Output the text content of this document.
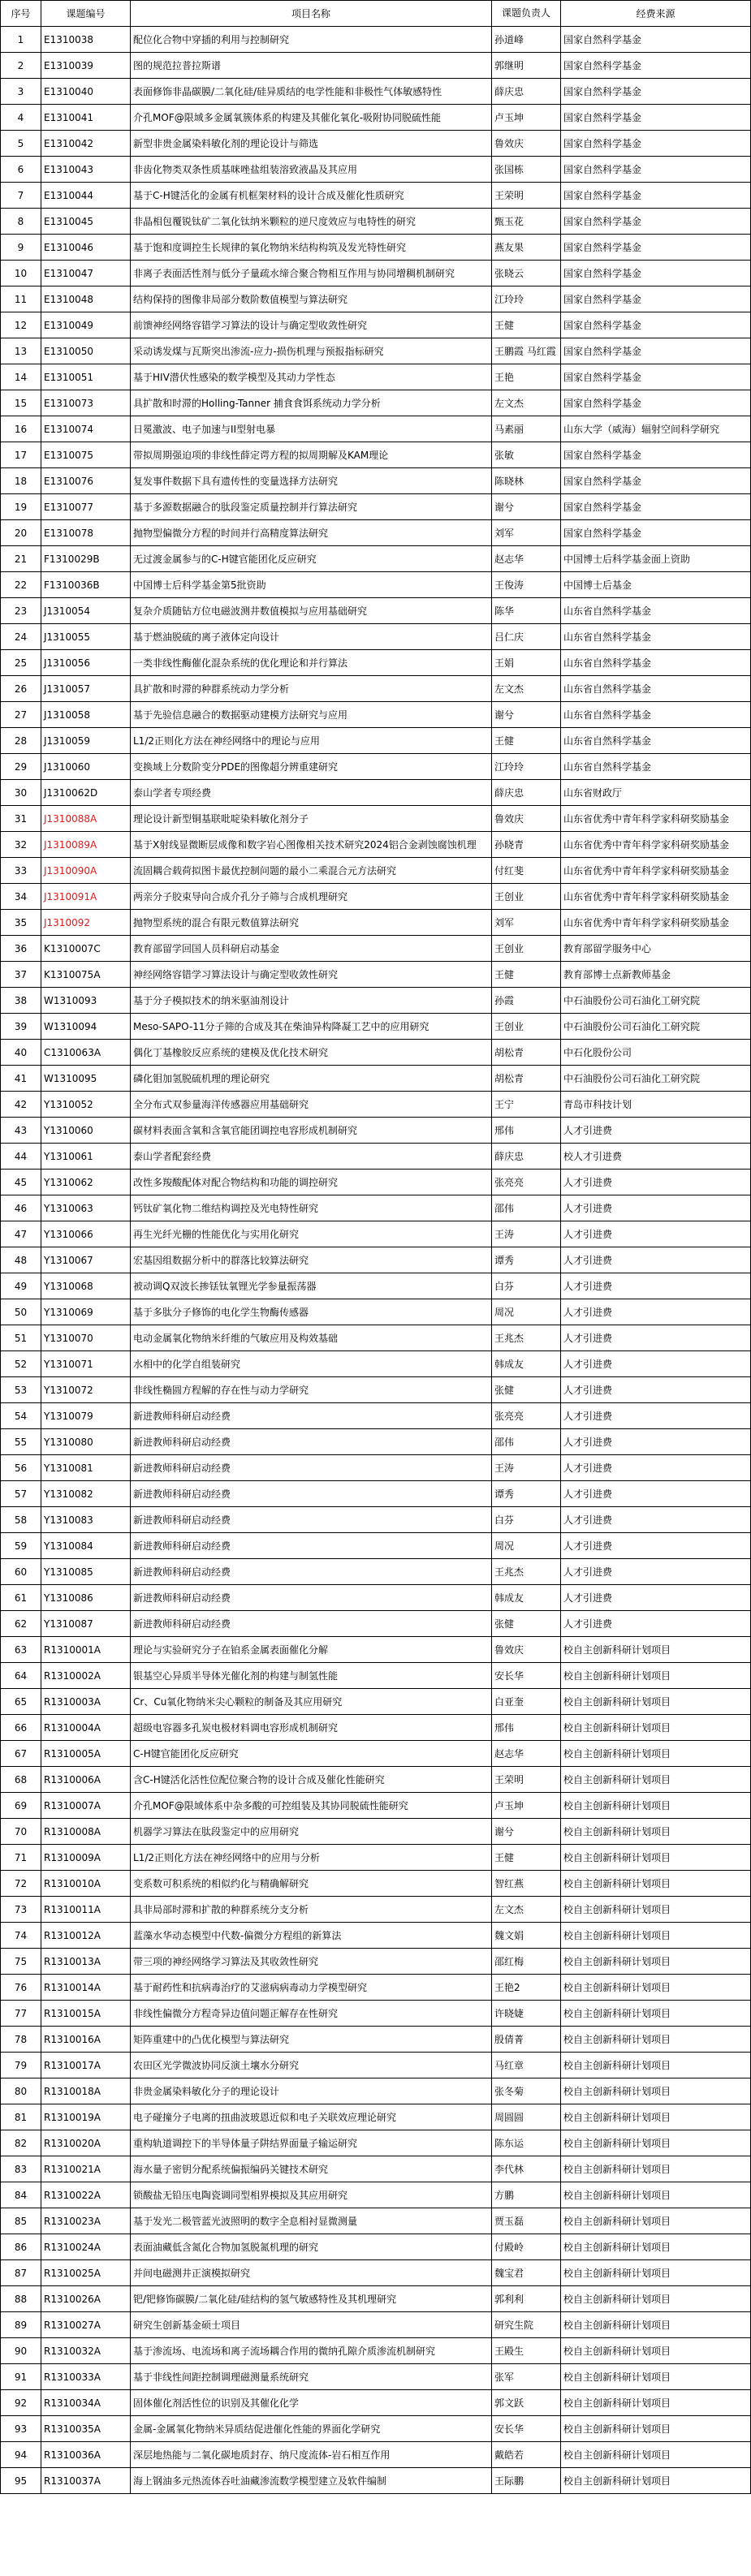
序号	课题编号	项目名称	课题负责人	经费来源
1	E1310038	配位化合物中穿插的利用与控制研究	孙道峰	国家自然科学基金
2	E1310039	图的规范拉普拉斯谱	郭继明	国家自然科学基金
3	E1310040	表面修饰非晶碳膜/二氧化硅/硅异质结的电学性能和非极性气体敏感特性	薛庆忠	国家自然科学基金
4	E1310041	介孔MOF@限域多金属氧簇体系的构建及其催化氧化-吸附协同脱硫性能	卢玉坤	国家自然科学基金
5	E1310042	新型非贵金属染料敏化剂的理论设计与筛选	鲁效庆	国家自然科学基金
6	E1310043	非齿化物类双条性质基咪唑盐组装溶致液晶及其应用	张国栋	国家自然科学基金
7	E1310044	基于C-H键活化的金属有机框架材料的设计合成及催化性质研究	王荣明	国家自然科学基金
8	E1310045	非晶相包覆锐钛矿二氧化钛纳米颗粒的逆尺度效应与电特性的研究	甄玉花	国家自然科学基金
9	E1310046	基于饱和度调控生长规律的氧化物纳米结构构筑及发光特性研究	燕友果	国家自然科学基金
10	E1310047	非离子表面活性剂与低分子量疏水缔合聚合物相互作用与协同增稠机制研究	张晓云	国家自然科学基金
11	E1310048	结构保持的图像非局部分数阶数值模型与算法研究	江玲玲	国家自然科学基金
12	E1310049	前馈神经网络容错学习算法的设计与确定型收敛性研究	王健	国家自然科学基金
13	E1310050	采动诱发煤与瓦斯突出渗流-应力-损伤机理与预报指标研究	王鹏霞 马红霞	国家自然科学基金
14	E1310051	基于HIV潜伏性感染的数学模型及其动力学性态	王艳	国家自然科学基金
15	E1310073	具扩散和时滞的Holling-Tanner 捕食食饵系统动力学分析	左文杰	国家自然科学基金
16	E1310074	日冕激波、电子加速与II型射电暴	马素丽	山东大学（威海）辐射空间科学研究
17	E1310075	带拟周期强迫项的非线性薛定谔方程的拟周期解及KAM理论	张敏	国家自然科学基金
18	E1310076	复发事件数据下具有遗传性的变量选择方法研究	陈晓林	国家自然科学基金
19	E1310077	基于多源数据融合的肽段鉴定质量控制并行算法研究	谢兮	国家自然科学基金
20	E1310078	抛物型偏微分方程的时间并行高精度算法研究	刘军	国家自然科学基金
21	F1310029B	无过渡金属参与的C-H键官能团化反应研究	赵志华	中国博士后科学基金面上资助
22	F1310036B	中国博士后科学基金第5批资助	王俊涛	中国博士后基金
23	J1310054	复杂介质随钻方位电磁波测井数值模拟与应用基础研究	陈华	山东省自然科学基金
24	J1310055	基于燃油脱硫的离子液体定向设计	吕仁庆	山东省自然科学基金
25	J1310056	一类非线性酶催化混杂系统的优化理论和并行算法	王娟	山东省自然科学基金
26	J1310057	具扩散和时滞的种群系统动力学分析	左文杰	山东省自然科学基金
27	J1310058	基于先验信息融合的数据驱动建模方法研究与应用	谢兮	山东省自然科学基金
28	J1310059	L1/2正则化方法在神经网络中的理论与应用	王健	山东省自然科学基金
29	J1310060	变换域上分数阶变分PDE的图像超分辨重建研究	江玲玲	山东省自然科学基金
30	J1310062D	泰山学者专项经费	薛庆忠	山东省财政厅
31	J1310088A	理论设计新型铜基联吡啶染料敏化剂分子	鲁效庆	山东省优秀中青年科学家科研奖励基金
32	J1310089A	基于X射线显微断层成像和数字岩心图像相关技术研究2024铝合金剥蚀腐蚀机理	孙晓青	山东省优秀中青年科学家科研奖励基金
33	J1310090A	流固耦合载荷拟图卡最优控制问题的最小二乘混合元方法研究	付红斐	山东省优秀中青年科学家科研奖励基金
34	J1310091A	两亲分子胶束导向合成介孔分子筛与合成机理研究	王创业	山东省优秀中青年科学家科研奖励基金
35	J1310092	抛物型系统的混合有限元数值算法研究	刘军	山东省优秀中青年科学家科研奖励基金
36	K1310007C	教育部留学回国人员科研启动基金	王创业	教育部留学服务中心
37	K1310075A	神经网络容错学习算法设计与确定型收敛性研究	王健	教育部博士点新教师基金
38	W1310093	基于分子模拟技术的纳米驱油剂设计	孙霞	中石油股份公司石油化工研究院
39	W1310094	Meso-SAPO-11分子筛的合成及其在柴油异构降凝工艺中的应用研究	王创业	中石油股份公司石油化工研究院
40	C1310063A	偶化丁基橡胶反应系统的建模及优化技术研究	胡松青	中石化股份公司
41	W1310095	磷化钼加氢脱硫机理的理论研究	胡松青	中石油股份公司石油化工研究院
42	Y1310052	全分布式双参量海洋传感器应用基础研究	王宁	青岛市科技计划
43	Y1310060	碳材料表面含氧和含氧官能团调控电容形成机制研究	邢伟	人才引进费
44	Y1310061	泰山学者配套经费	薛庆忠	校人才引进费
45	Y1310062	改性多羧酸配体对配合物结构和功能的调控研究	张亮亮	人才引进费
46	Y1310063	钙钛矿氧化物二维结构调控及光电特性研究	邵伟	人才引进费
47	Y1310066	再生光纤光栅的性能优化与实用化研究	王涛	人才引进费
48	Y1310067	宏基因组数据分析中的群落比较算法研究	谭秀	人才引进费
49	Y1310068	被动调Q双波长掺铥钛氧锂光学参量振荡器	白芬	人才引进费
50	Y1310069	基于多肽分子修饰的电化学生物酶传感器	周况	人才引进费
51	Y1310070	电动金属氧化物纳米纤维的气敏应用及构效基础	王兆杰	人才引进费
52	Y1310071	水相中的化学自组装研究	韩成友	人才引进费
53	Y1310072	非线性椭圆方程解的存在性与动力学研究	张健	人才引进费
54	Y1310079	新进教师科研启动经费	张亮亮	人才引进费
55	Y1310080	新进教师科研启动经费	邵伟	人才引进费
56	Y1310081	新进教师科研启动经费	王涛	人才引进费
57	Y1310082	新进教师科研启动经费	谭秀	人才引进费
58	Y1310083	新进教师科研启动经费	白芬	人才引进费
59	Y1310084	新进教师科研启动经费	周况	人才引进费
60	Y1310085	新进教师科研启动经费	王兆杰	人才引进费
61	Y1310086	新进教师科研启动经费	韩成友	人才引进费
62	Y1310087	新进教师科研启动经费	张健	人才引进费
63	R1310001A	理论与实验研究分子在铂系金属表面催化分解	鲁效庆	校自主创新科研计划项目
64	R1310002A	银基空心异质半导体光催化剂的构建与制氢性能	安长华	校自主创新科研计划项目
65	R1310003A	Cr、Cu氧化物纳米尖心颗粒的制备及其应用研究	白亚奎	校自主创新科研计划项目
66	R1310004A	超级电容器多孔炭电极材料调电容形成机制研究	邢伟	校自主创新科研计划项目
67	R1310005A	C-H键官能团化反应研究	赵志华	校自主创新科研计划项目
68	R1310006A	含C-H键活化活性位配位聚合物的设计合成及催化性能研究	王荣明	校自主创新科研计划项目
69	R1310007A	介孔MOF@限域体系中杂多酸的可控组装及其协同脱硫性能研究	卢玉坤	校自主创新科研计划项目
70	R1310008A	机器学习算法在肽段鉴定中的应用研究	谢兮	校自主创新科研计划项目
71	R1310009A	L1/2正则化方法在神经网络中的应用与分析	王健	校自主创新科研计划项目
72	R1310010A	变系数可积系统的相似约化与精确解研究	智红燕	校自主创新科研计划项目
73	R1310011A	具非局部时滞和扩散的种群系统分支分析	左文杰	校自主创新科研计划项目
74	R1310012A	蓝藻水华动态模型中代数-偏微分方程组的新算法	魏文娟	校自主创新科研计划项目
75	R1310013A	带三项的神经网络学习算法及其收敛性研究	邵红梅	校自主创新科研计划项目
76	R1310014A	基于耐药性和抗病毒治疗的艾滋病病毒动力学模型研究	王艳2	校自主创新科研计划项目
77	R1310015A	非线性偏微分方程奇异边值问题正解存在性研究	许晓婕	校自主创新科研计划项目
78	R1310016A	矩阵重建中的凸优化模型与算法研究	殷倩菁	校自主创新科研计划项目
79	R1310017A	农田区光学微波协同反演土壤水分研究	马红章	校自主创新科研计划项目
80	R1310018A	非贵金属染料敏化分子的理论设计	张冬菊	校自主创新科研计划项目
81	R1310019A	电子碰撞分子电离的扭曲波玻恩近似和电子关联效应理论研究	周圆圆	校自主创新科研计划项目
82	R1310020A	重构轨道调控下的半导体量子阱结界面量子输运研究	陈东运	校自主创新科研计划项目
83	R1310021A	海水量子密钥分配系统偏振编码关键技术研究	李代林	校自主创新科研计划项目
84	R1310022A	锁酸盐无铅压电陶瓷调同型相界模拟及其应用研究	方鹏	校自主创新科研计划项目
85	R1310023A	基于发光二极管蓝光波照明的数字全息相衬显微测量	贾玉磊	校自主创新科研计划项目
86	R1310024A	表面油藏低含氮化合物加氢脱氮机理的研究	付殿岭	校自主创新科研计划项目
87	R1310025A	并间电磁测井正演模拟研究	魏宝君	校自主创新科研计划项目
88	R1310026A	钯/钯修饰碳膜/二氧化硅/硅结构的氢气敏感特性及其机理研究	郭利利	校自主创新科研计划项目
89	R1310027A	研究生创新基金硕士项目	研究生院	校自主创新科研计划项目
90	R1310032A	基于渗流场、电流场和离子流场耦合作用的微纳孔隙介质渗流机制研究	王殿生	校自主创新科研计划项目
91	R1310033A	基于非线性间距控制调理磁测量系统研究	张军	校自主创新科研计划项目
92	R1310034A	固体催化剂活性位的识别及其催化化学	郭文跃	校自主创新科研计划项目
93	R1310035A	金属-金属氧化物纳米异质结促进催化性能的界面化学研究	安长华	校自主创新科研计划项目
94	R1310036A	深层地热能与二氧化碳地质封存、纳尺度流体-岩石相互作用	戴皓若	校自主创新科研计划项目
95	R1310037A	海上钢油多元热流体吞吐油藏渗流数学模型建立及软件编制	王际鹏	校自主创新科研计划项目
